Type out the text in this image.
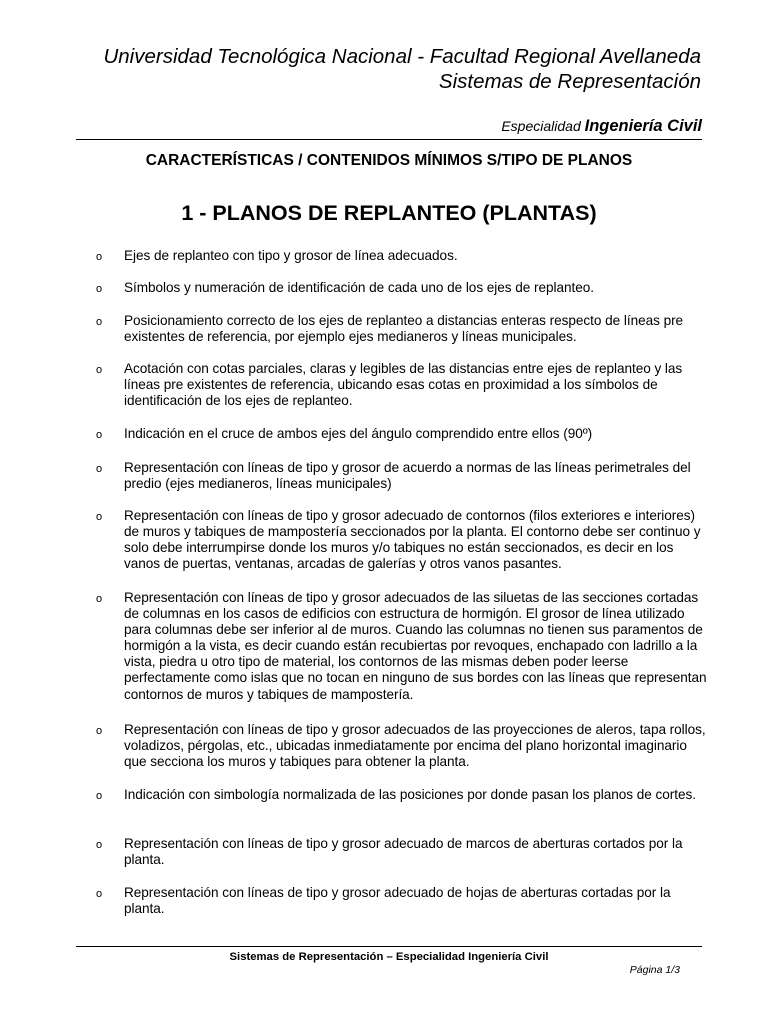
Universidad Tecnológica Nacional - Facultad Regional Avellaneda
Sistemas de Representación
Especialidad Ingeniería Civil
CARACTERÍSTICAS / CONTENIDOS MÍNIMOS S/TIPO DE PLANOS
1 - PLANOS DE REPLANTEO (PLANTAS)
o Ejes de replanteo con tipo y grosor de línea adecuados.
o Símbolos y numeración de identificación de cada uno de los ejes de replanteo.
o Posicionamiento correcto de los ejes de replanteo a distancias enteras respecto de líneas pre existentes de referencia, por ejemplo ejes medianeros y líneas municipales.
o Acotación con cotas parciales, claras y legibles de las distancias entre ejes de replanteo y las líneas pre existentes de referencia, ubicando esas cotas en proximidad a los símbolos de identificación de los ejes de replanteo.
o Indicación en el cruce de ambos ejes del ángulo comprendido entre ellos (90º)
o Representación con líneas de tipo y grosor de acuerdo a normas de las líneas perimetrales del predio (ejes medianeros, líneas municipales)
o Representación con líneas de tipo y grosor adecuado de contornos (filos exteriores e interiores) de muros y tabiques de mampostería seccionados por la planta. El contorno debe ser continuo y solo debe interrumpirse donde los muros y/o tabiques no están seccionados, es decir en los vanos de puertas, ventanas, arcadas de galerías y otros vanos pasantes.
o Representación con líneas de tipo y grosor adecuados de las siluetas de las secciones cortadas de columnas en los casos de edificios con estructura de hormigón. El grosor de línea utilizado para columnas debe ser inferior al de muros. Cuando las columnas no tienen sus paramentos de hormigón a la vista, es decir cuando están recubiertas por revoques, enchapado con ladrillo a la vista, piedra u otro tipo de material, los contornos de las mismas deben poder leerse perfectamente como islas que no tocan en ninguno de sus bordes con las líneas que representan contornos de muros y tabiques de mampostería.
o Representación con líneas de tipo y grosor adecuados de las proyecciones de aleros, tapa rollos, voladizos, pérgolas, etc., ubicadas inmediatamente por encima del plano horizontal imaginario que secciona los muros y tabiques para obtener la planta.
o Indicación con simbología normalizada de las posiciones por donde pasan los planos de cortes.
o Representación con líneas de tipo y grosor adecuado de marcos de aberturas cortados por la planta.
o Representación con líneas de tipo y grosor adecuado de hojas de aberturas cortadas por la planta.
Sistemas de Representación – Especialidad Ingeniería Civil
Página 1/3
